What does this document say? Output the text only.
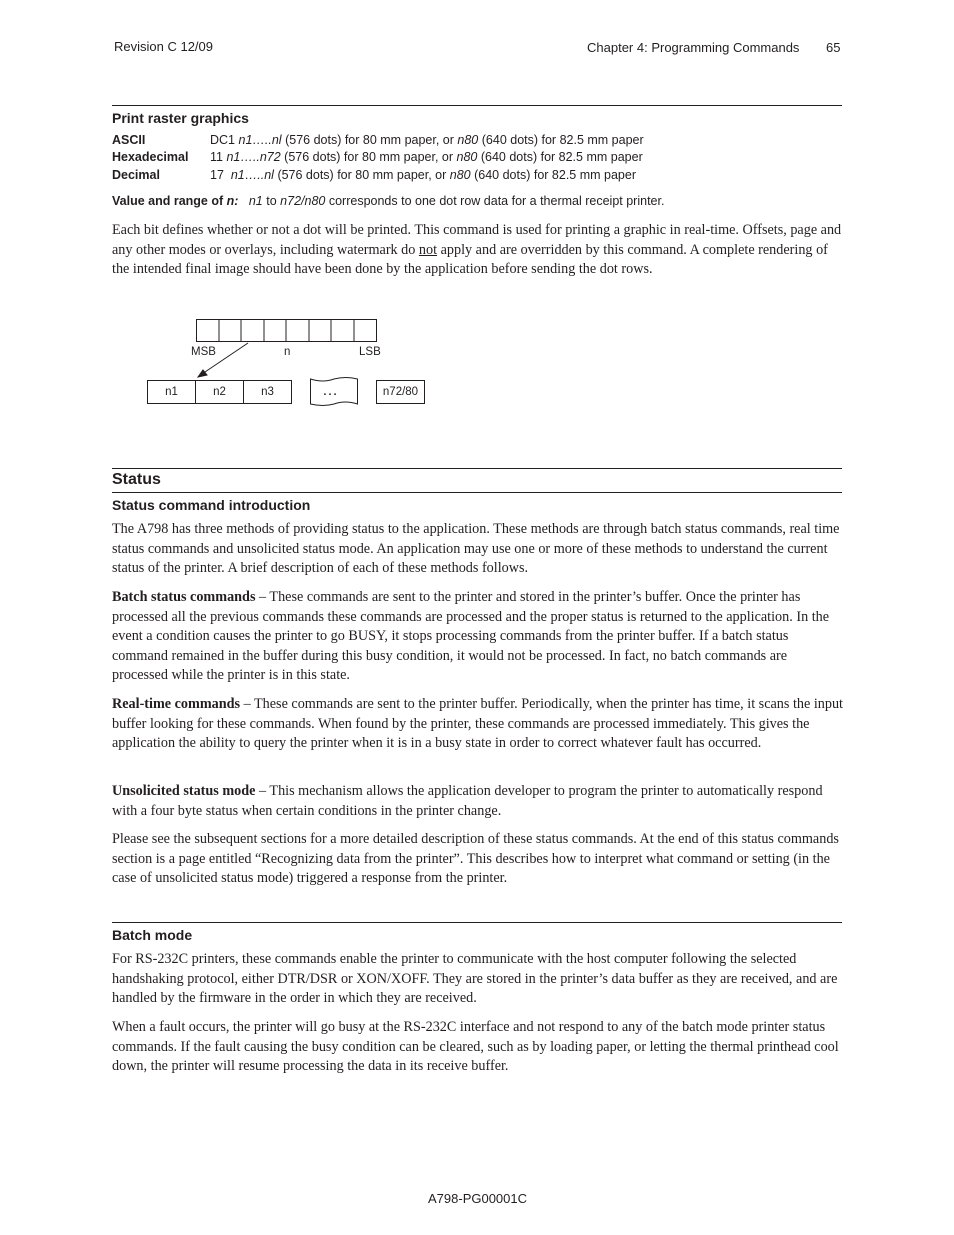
Revision C 12/09	Chapter 4: Programming Commands 65
Print raster graphics
ASCII	DC1 n1…..nl (576 dots) for 80 mm paper, or n80 (640 dots) for 82.5 mm paper
Hexadecimal 11 n1…..n72 (576 dots) for 80 mm paper, or n80 (640 dots) for 82.5 mm paper
Decimal	17 n1…..nl (576 dots) for 80 mm paper, or n80 (640 dots) for 82.5 mm paper
Value and range of n: n1 to n72/n80 corresponds to one dot row data for a thermal receipt printer.

Each bit defines whether or not a dot will be printed. This command is used for printing a graphic in real-time. Offsets, page and any other modes or overlays, including watermark do not apply and are overridden by this command. A complete rendering of the intended final image should have been done by the application before sending the dot rows.

MSB	n	LSB
n1	n2	n3	…	n72/80
Status
Status command introduction

The A798 has three methods of providing status to the application. These methods are through batch status commands, real time status commands and unsolicited status mode. An application may use one or more of these methods to understand the current status of the printer. A brief description of each of these methods follows.

Batch status commands – These commands are sent to the printer and stored in the printer’s buffer. Once the printer has processed all the previous commands these commands are processed and the proper status is returned to the application. In the event a condition causes the printer to go BUSY, it stops processing commands from the printer buffer. If a batch status command remained in the buffer during this busy condition, it would not be processed. In fact, no batch commands are processed while the printer is in this state.

Real-time commands – These commands are sent to the printer buffer. Periodically, when the printer has time, it scans the input buffer looking for these commands. When found by the printer, these commands are processed immediately. This gives the application the ability to query the printer when it is in a busy state in order to correct whatever fault has occurred.

Unsolicited status mode – This mechanism allows the application developer to program the printer to automatically respond with a four byte status when certain conditions in the printer change.

Please see the subsequent sections for a more detailed description of these status commands. At the end of this status commands section is a page entitled “Recognizing data from the printer”. This describes how to interpret what command or setting (in the case of unsolicited status mode) triggered a response from the printer.

Batch mode

For RS-232C printers, these commands enable the printer to communicate with the host computer following the selected handshaking protocol, either DTR/DSR or XON/XOFF. They are stored in the printer’s data buffer as they are received, and are handled by the firmware in the order in which they are received.

When a fault occurs, the printer will go busy at the RS-232C interface and not respond to any of the batch mode printer status commands. If the fault causing the busy condition can be cleared, such as by loading paper, or letting the thermal printhead cool down, the printer will resume processing the data in its receive buffer.

A798-PG00001C
